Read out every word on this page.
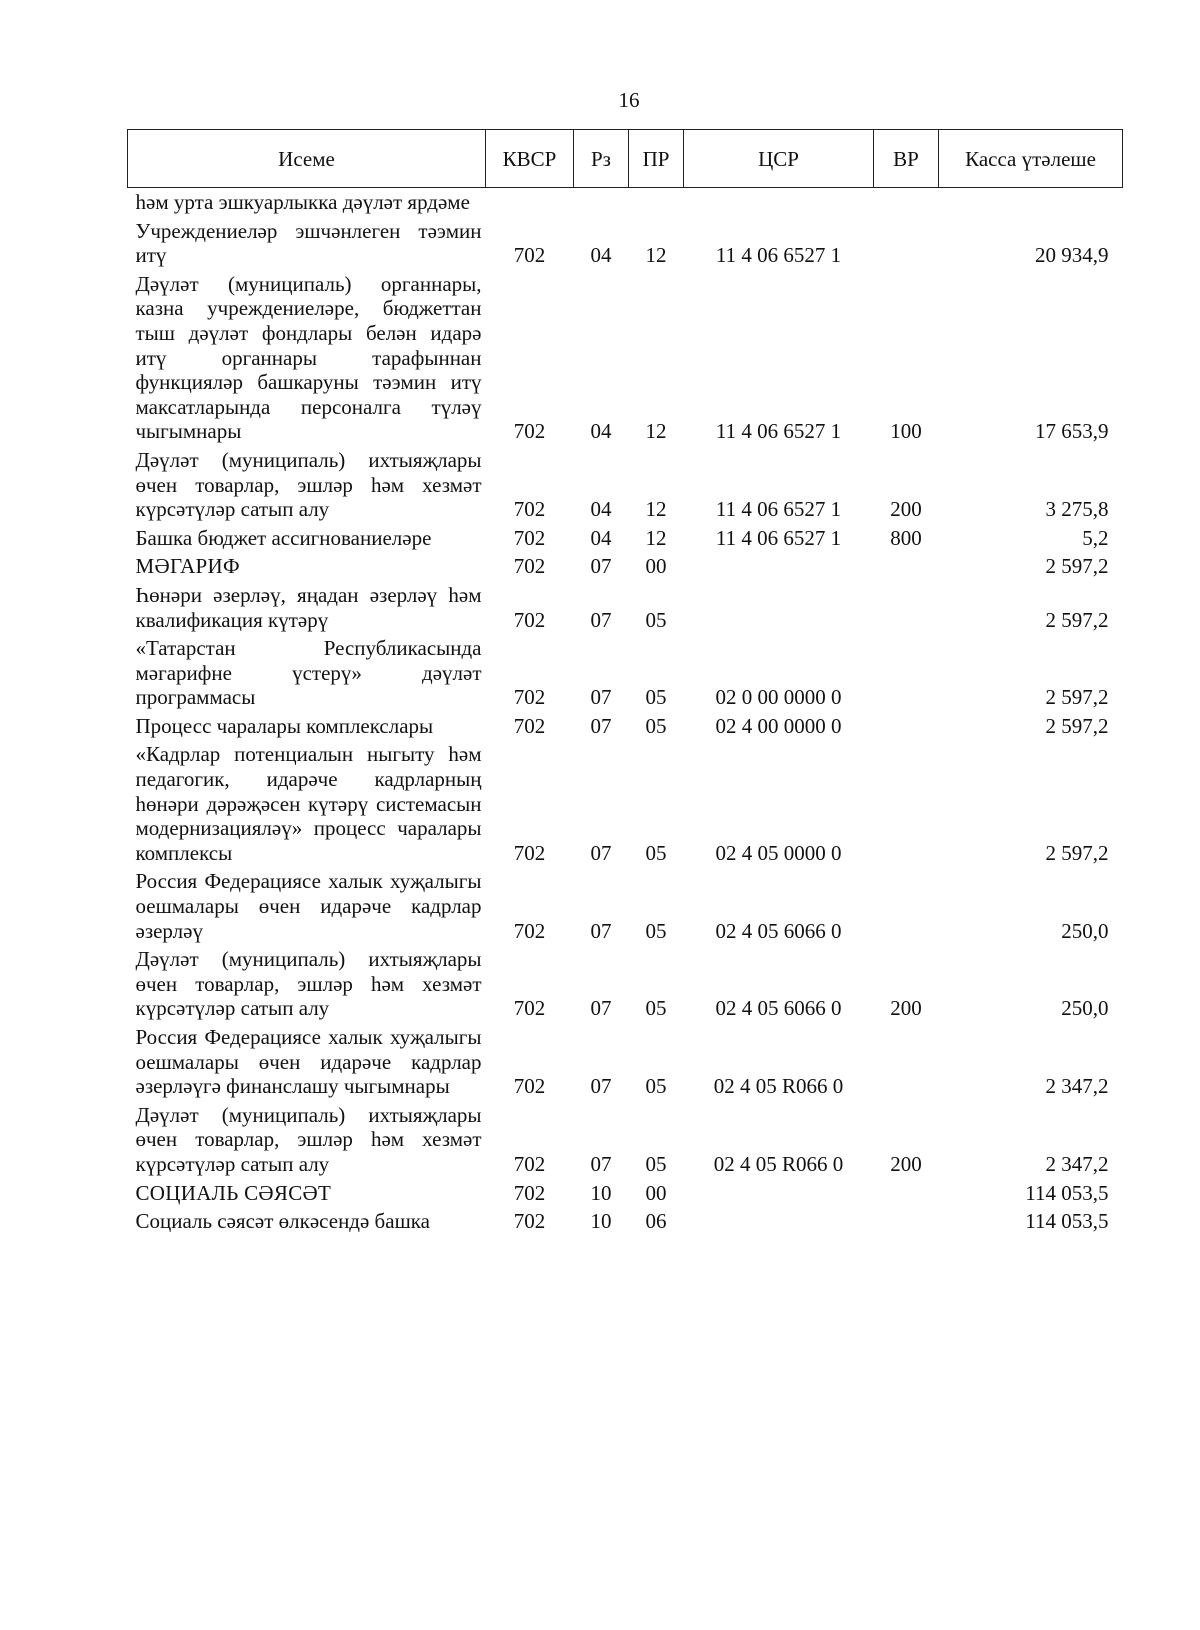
16
Исеме	КВСР	Рз	ПР	ЦСР	ВР	Касса үтәлеше
һәм урта эшкуарлыкка дәүләт ярдәме						
Учреждениеләр эшчәнлеген тәэмин итү	702	04	12	11 4 06 6527 1		20 934,9
Дәүләт (муниципаль) органнары, казна учреждениеләре, бюджеттан тыш дәүләт фондлары белән идарә итү органнары тарафыннан функцияләр башкаруны тәэмин итү максатларында персоналга түләү чыгымнары	702	04	12	11 4 06 6527 1	100	17 653,9
Дәүләт (муниципаль) ихтыяҗлары өчен товарлар, эшләр һәм хезмәт күрсәтүләр сатып алу	702	04	12	11 4 06 6527 1	200	3 275,8
Башка бюджет ассигнованиеләре	702	04	12	11 4 06 6527 1	800	5,2
МӘГАРИФ	702	07	00			2 597,2
Һөнәри әзерләү, яңадан әзерләү һәм квалификация күтәрү	702	07	05			2 597,2
«Татарстан Республикасында мәгарифне үстерү» дәүләт программасы	702	07	05	02 0 00 0000 0		2 597,2
Процесс чаралары комплекслары	702	07	05	02 4 00 0000 0		2 597,2
«Кадрлар потенциалын ныгыту һәм педагогик, идарәче кадрларның һөнәри дәрәҗәсен күтәрү системасын модернизацияләү» процесс чаралары комплексы	702	07	05	02 4 05 0000 0		2 597,2
Россия Федерациясе халык хуҗалыгы оешмалары өчен идарәче кадрлар әзерләү	702	07	05	02 4 05 6066 0		250,0
Дәүләт (муниципаль) ихтыяҗлары өчен товарлар, эшләр һәм хезмәт күрсәтүләр сатып алу	702	07	05	02 4 05 6066 0	200	250,0
Россия Федерациясе халык хуҗалыгы оешмалары өчен идарәче кадрлар әзерләүгә финанслашу чыгымнары	702	07	05	02 4 05 R066 0		2 347,2
Дәүләт (муниципаль) ихтыяҗлары өчен товарлар, эшләр һәм хезмәт күрсәтүләр сатып алу	702	07	05	02 4 05 R066 0	200	2 347,2
СОЦИАЛЬ СӘЯСӘТ	702	10	00			114 053,5
Социаль сәясәт өлкәсендә башка	702	10	06			114 053,5
